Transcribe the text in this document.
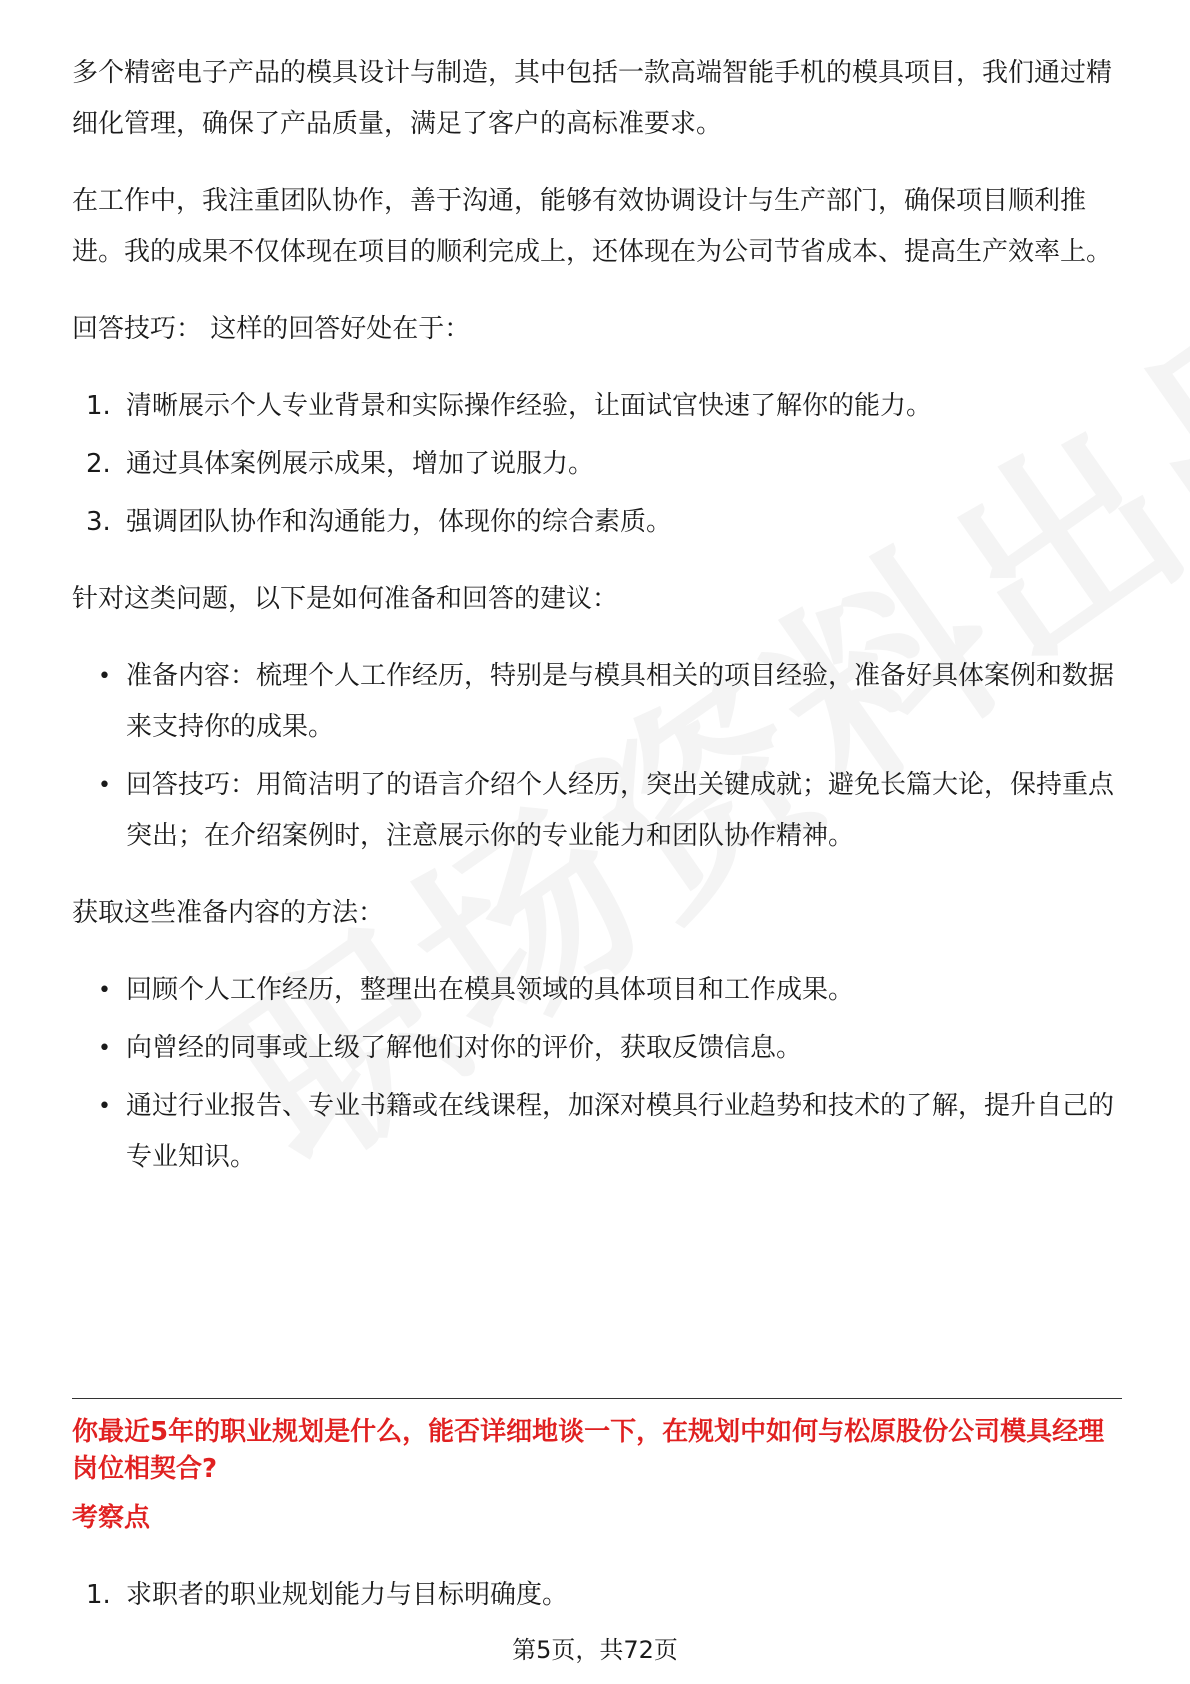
多个精密电子产品的模具设计与制造，其中包括一款高端智能手机的模具项目，我们通过精细化管理，确保了产品质量，满足了客户的高标准要求。

在工作中，我注重团队协作，善于沟通，能够有效协调设计与生产部门，确保项目顺利推进。我的成果不仅体现在项目的顺利完成上，还体现在为公司节省成本、提高生产效率上。

回答技巧： 这样的回答好处在于：

1. 清晰展示个人专业背景和实际操作经验，让面试官快速了解你的能力。
2. 通过具体案例展示成果，增加了说服力。
3. 强调团队协作和沟通能力，体现你的综合素质。

针对这类问题，以下是如何准备和回答的建议：

• 准备内容：梳理个人工作经历，特别是与模具相关的项目经验，准备好具体案例和数据来支持你的成果。
• 回答技巧：用简洁明了的语言介绍个人经历，突出关键成就；避免长篇大论，保持重点突出；在介绍案例时，注意展示你的专业能力和团队协作精神。

获取这些准备内容的方法：

• 回顾个人工作经历，整理出在模具领域的具体项目和工作成果。
• 向曾经的同事或上级了解他们对你的评价，获取反馈信息。
• 通过行业报告、专业书籍或在线课程，加深对模具行业趋势和技术的了解，提升自己的专业知识。
你最近5年的职业规划是什么，能否详细地谈一下，在规划中如何与松原股份公司模具经理岗位相契合?
考察点
1. 求职者的职业规划能力与目标明确度。
第5页，共72页
